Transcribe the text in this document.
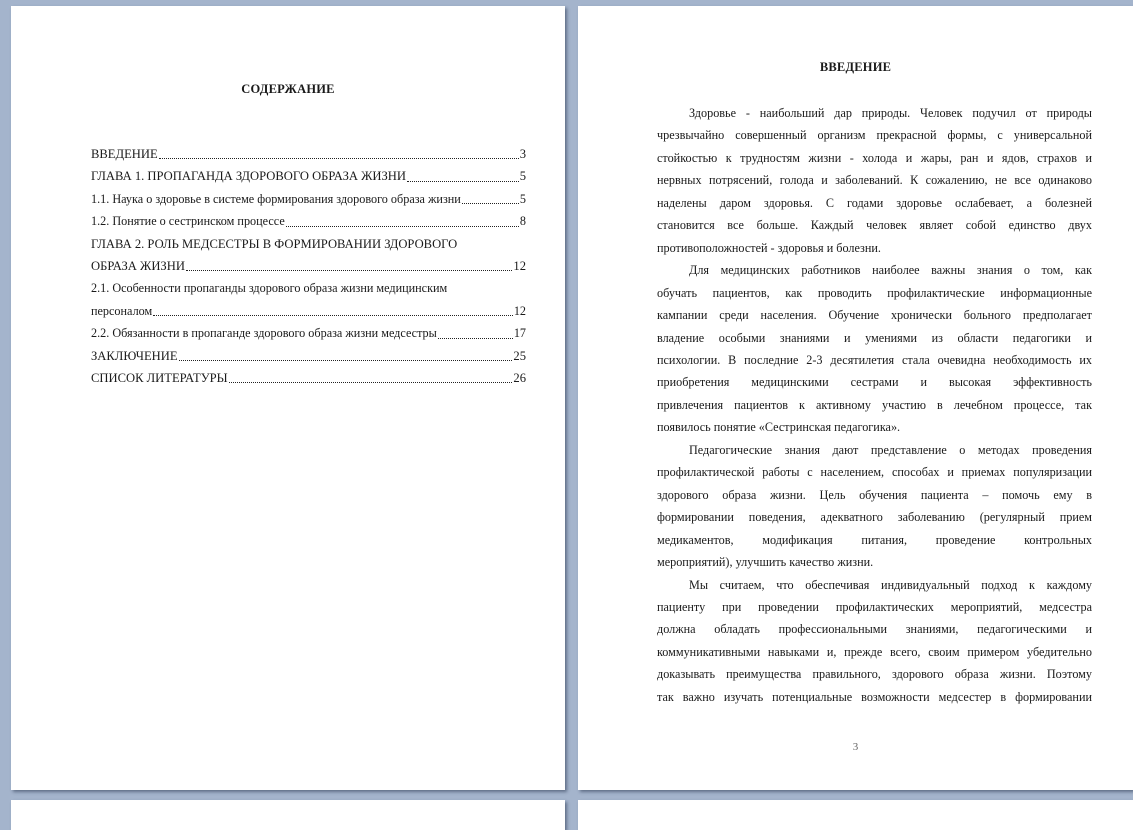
СОДЕРЖАНИЕ
ВВЕДЕНИЕ	3
ГЛАВА 1. ПРОПАГАНДА ЗДОРОВОГО ОБРАЗА ЖИЗНИ	5
1.1. Наука о здоровье в системе формирования здорового образа жизни	5
1.2. Понятие о сестринском процессе	8
ГЛАВА 2. РОЛЬ МЕДСЕСТРЫ В ФОРМИРОВАНИИ ЗДОРОВОГО
ОБРАЗА ЖИЗНИ	12
2.1. Особенности пропаганды здорового образа жизни медицинским
персоналом	12
2.2. Обязанности в пропаганде здорового образа жизни медсестры	17
ЗАКЛЮЧЕНИЕ	25
СПИСОК ЛИТЕРАТУРЫ	26
ВВЕДЕНИЕ
Здоровье - наибольший дар природы. Человек подучил от природы
чрезвычайно совершенный организм прекрасной формы, с универсальной
стойкостью к трудностям жизни - холода и жары, ран и ядов, страхов и
нервных потрясений, голода и заболеваний. К сожалению, не все одинаково
наделены даром здоровья. С годами здоровье ослабевает, а болезней
становится все больше. Каждый человек являет собой единство двух
противоположностей - здоровья и болезни.
Для медицинских работников наиболее важны знания о том, как
обучать пациентов, как проводить профилактические информационные
кампании среди населения. Обучение хронически больного предполагает
владение особыми знаниями и умениями из области педагогики и
психологии. В последние 2-3 десятилетия стала очевидна необходимость их
приобретения медицинскими сестрами и высокая эффективность
привлечения пациентов к активному участию в лечебном процессе, так
появилось понятие «Сестринская педагогика».
Педагогические знания дают представление о методах проведения
профилактической работы с населением, способах и приемах популяризации
здорового образа жизни. Цель обучения пациента – помочь ему в
формировании поведения, адекватного заболеванию (регулярный прием
медикаментов, модификация питания, проведение контрольных
мероприятий), улучшить качество жизни.
Мы считаем, что обеспечивая индивидуальный подход к каждому
пациенту при проведении профилактических мероприятий, медсестра
должна обладать профессиональными знаниями, педагогическими и
коммуникативными навыками и, прежде всего, своим примером убедительно
доказывать преимущества правильного, здорового образа жизни. Поэтому
так важно изучать потенциальные возможности медсестер в формировании
3
